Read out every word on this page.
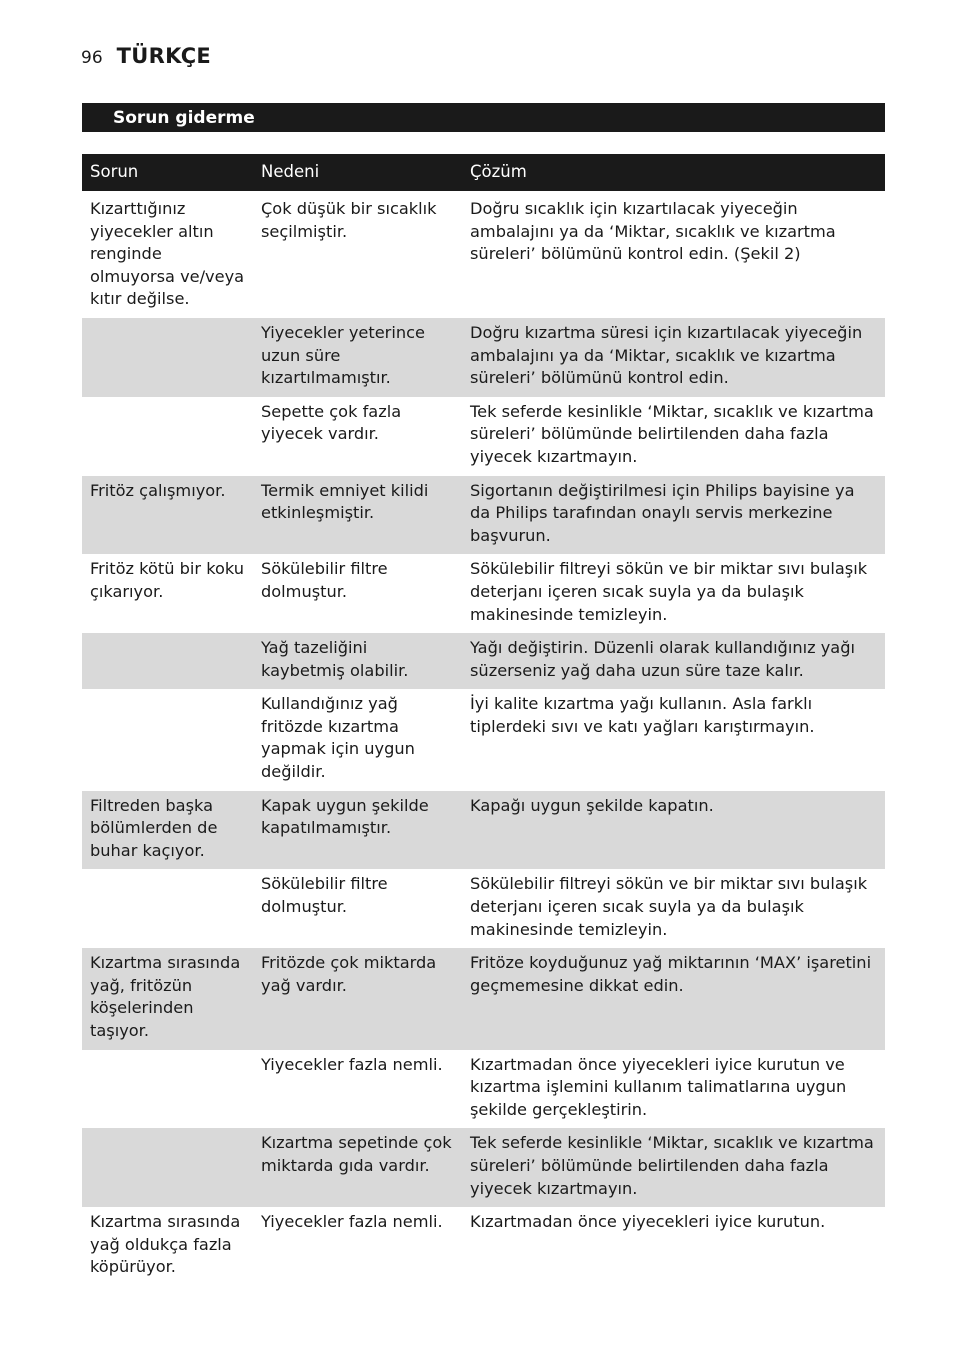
96 TÜRKÇE
Sorun giderme
Sorun	Nedeni	Çözüm
Kızarttığınız yiyecekler altın renginde olmuyorsa ve/veya kıtır değilse.	Çok düşük bir sıcaklık seçilmiştir.	Doğru sıcaklık için kızartılacak yiyeceğin ambalajını ya da ‘Miktar, sıcaklık ve kızartma süreleri’ bölümünü kontrol edin. (Şekil 2)
	Yiyecekler yeterince uzun süre kızartılmamıştır.	Doğru kızartma süresi için kızartılacak yiyeceğin ambalajını ya da ‘Miktar, sıcaklık ve kızartma süreleri’ bölümünü kontrol edin.
	Sepette çok fazla yiyecek vardır.	Tek seferde kesinlikle ‘Miktar, sıcaklık ve kızartma süreleri’ bölümünde belirtilenden daha fazla yiyecek kızartmayın.
Fritöz çalışmıyor.	Termik emniyet kilidi etkinleşmiştir.	Sigortanın değiştirilmesi için Philips bayisine ya da Philips tarafından onaylı servis merkezine başvurun.
Fritöz kötü bir koku çıkarıyor.	Sökülebilir filtre dolmuştur.	Sökülebilir filtreyi sökün ve bir miktar sıvı bulaşık deterjanı içeren sıcak suyla ya da bulaşık makinesinde temizleyin.
	Yağ tazeliğini kaybetmiş olabilir.	Yağı değiştirin. Düzenli olarak kullandığınız yağı süzerseniz yağ daha uzun süre taze kalır.
	Kullandığınız yağ fritözde kızartma yapmak için uygun değildir.	İyi kalite kızartma yağı kullanın. Asla farklı tiplerdeki sıvı ve katı yağları karıştırmayın.
Filtreden başka bölümlerden de buhar kaçıyor.	Kapak uygun şekilde kapatılmamıştır.	Kapağı uygun şekilde kapatın.
	Sökülebilir filtre dolmuştur.	Sökülebilir filtreyi sökün ve bir miktar sıvı bulaşık deterjanı içeren sıcak suyla ya da bulaşık makinesinde temizleyin.
Kızartma sırasında yağ, fritözün köşelerinden taşıyor.	Fritözde çok miktarda yağ vardır.	Fritöze koyduğunuz yağ miktarının ‘MAX’ işaretini geçmemesine dikkat edin.
	Yiyecekler fazla nemli.	Kızartmadan önce yiyecekleri iyice kurutun ve kızartma işlemini kullanım talimatlarına uygun şekilde gerçekleştirin.
	Kızartma sepetinde çok miktarda gıda vardır.	Tek seferde kesinlikle ‘Miktar, sıcaklık ve kızartma süreleri’ bölümünde belirtilenden daha fazla yiyecek kızartmayın.
Kızartma sırasında yağ oldukça fazla köpürüyor.	Yiyecekler fazla nemli.	Kızartmadan önce yiyecekleri iyice kurutun.
